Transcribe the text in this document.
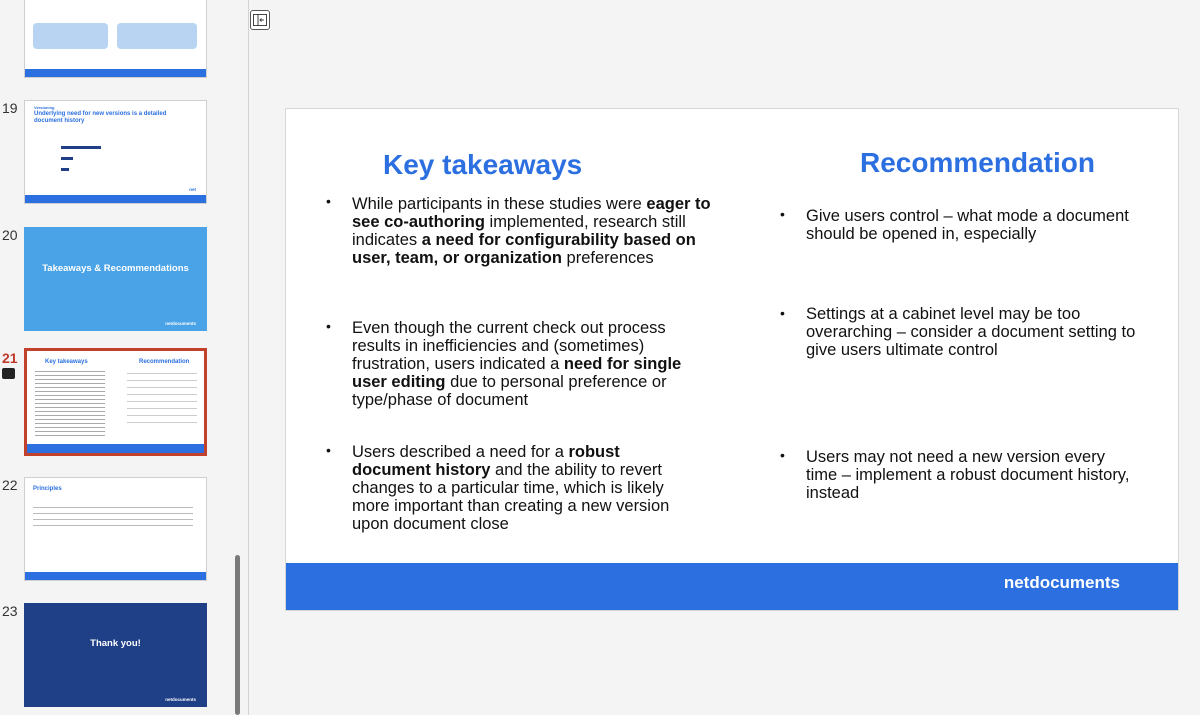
19	Versioning
Underlying need for new versions is a detailed document history
net
20
Takeaways & Recommendations
netdocuments
21	Key takeaways	Recommendation
22	Principles
23
Thank you!
netdocuments
Key takeaways	Recommendation
• While participants in these studies were eager to see co-authoring implemented, research still indicates a need for configurability based on user, team, or organization preferences
• Even though the current check out process results in inefficiencies and (sometimes) frustration, users indicated a need for single user editing due to personal preference or type/phase of document
• Users described a need for a robust document history and the ability to revert changes to a particular time, which is likely more important than creating a new version upon document close
• Give users control – what mode a document should be opened in, especially
• Settings at a cabinet level may be too overarching – consider a document setting to give users ultimate control
• Users may not need a new version every time – implement a robust document history, instead
netdocuments
